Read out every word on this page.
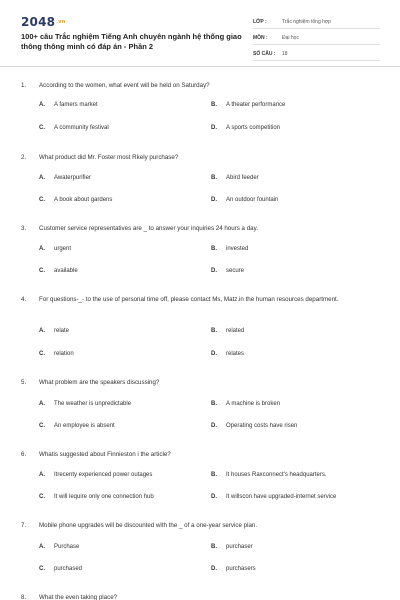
$2048^{.vn}$
100+ câu Trắc nghiệm Tiếng Anh chuyên ngành hệ thống giao thông thông minh có đáp án - Phần 2
LỚP :	Trắc nghiệm tổng hợp
MÔN :	Đại học
SỐ CÂU :	18
1. According to the women, what event will be held on Saturday?
A. A famers market	B. A theater performance
C. A community festival	D. A sports competition
2. What product did Mr. Foster most Rkely purchase?
A. Awaterpurifier	B. Abird feeder
C. A book about gardens	D. An outdoor fountain
3. Customer service representatives are _ to answer your inquiries 24 hours a day.
A. urgent	B. invested
C. available	D. secure
4. For questions-_- to the use of personal time off, please contact Ms, Matz.in the human resources department.
A. relate	B. related
C. relation	D. relates
5. What problem are the speakers discussing?
A. The weather is unpredictable	B. A machine is broken
C. An employee is absent	D. Operating costs have risen
6. Whatis suggested about Finnieston i the article?
A. Itrecenty experienced power outages	B. It houses Raxconnect's headquarters.
C. It will lequire only one connection hub	D. It willscon have upgraded-internet service
7. Mobile phone upgrades will be discounted with the _ of a one-year service plan.
A. Purchase	B. purchaser
C. purchased	D. purchasers
8. What the even taking place?
